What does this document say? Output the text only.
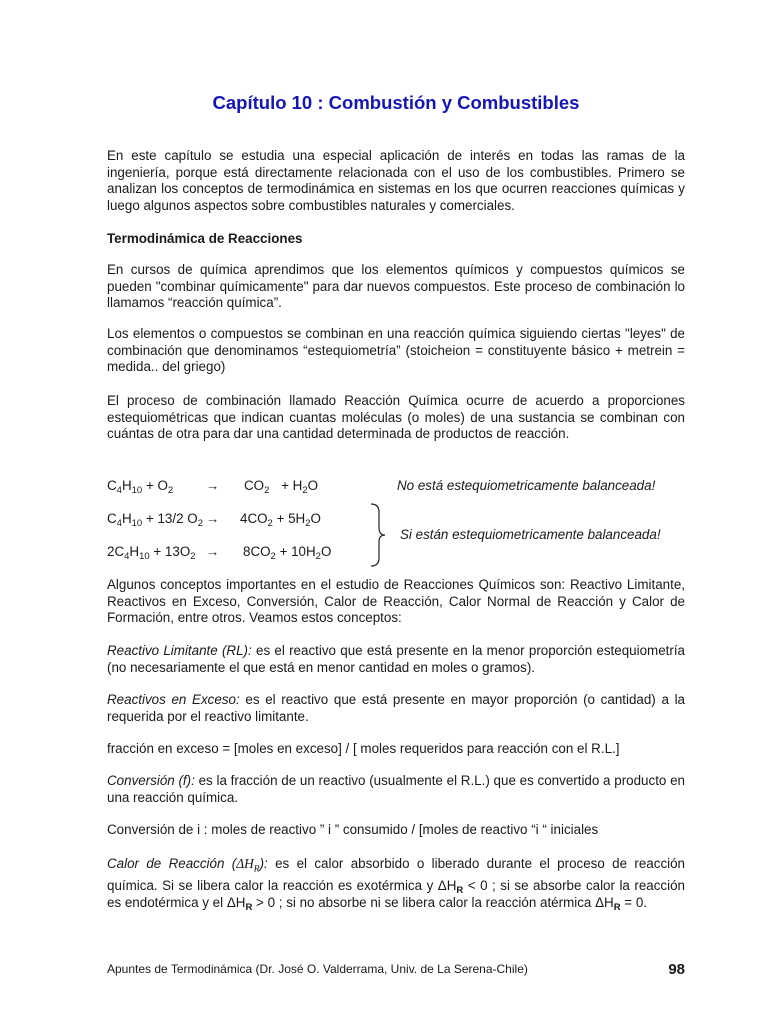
Capítulo 10 : Combustión y Combustibles

En este capítulo se estudia una especial aplicación de interés en todas las ramas de la ingeniería, porque está directamente relacionada con el uso de los combustibles. Primero se analizan los conceptos de termodinámica en sistemas en los que ocurren reacciones químicas y luego algunos aspectos sobre combustibles naturales y comerciales.

Termodinámica de Reacciones

En cursos de química aprendimos que los elementos químicos y compuestos químicos se pueden "combinar químicamente" para dar nuevos compuestos. Este proceso de combinación lo llamamos “reacción química”.

Los elementos o compuestos se combinan en una reacción química siguiendo ciertas "leyes" de combinación que denominamos “estequiometría” (stoicheion = constituyente básico + metrein = medida.. del griego)

El proceso de combinación llamado Reacción Química ocurre de acuerdo a proporciones estequiométricas que indican cuantas moléculas (o moles) de una sustancia se combinan con cuántas de otra para dar una cantidad determinada de productos de reacción.

$C_4H_{10} + O_2 \to CO_2 + H_2O$	No está estequiometricamente balanceada!
$C_4H_{10} + 13/2$ $O_2 \to 4CO_2 + 5H_2O$
$2C_4H_{10} + 13O_2 \to 8CO_2 + 10H_2O$
Si están estequiometricamente balanceada!

Algunos conceptos importantes en el estudio de Reacciones Químicos son: Reactivo Limitante, Reactivos en Exceso, Conversión, Calor de Reacción, Calor Normal de Reacción y Calor de Formación, entre otros. Veamos estos conceptos:

Reactivo Limitante (RL): es el reactivo que está presente en la menor proporción estequiometría (no necesariamente el que está en menor cantidad en moles o gramos).

Reactivos en Exceso: es el reactivo que está presente en mayor proporción (o cantidad) a la requerida por el reactivo limitante.

fracción en exceso = [moles en exceso] / [ moles requeridos para reacción con el R.L.]

Conversión (f): es la fracción de un reactivo (usualmente el R.L.) que es convertido a producto en una reacción química.

Conversión de i : moles de reactivo ” i ” consumido / [moles de reactivo “i “ iniciales

Calor de Reacción $(\Delta H_R)$: es el calor absorbido o liberado durante el proceso de reacción química. Si se libera calor la reacción es exotérmica y $\Delta H_R < 0$ ; si se absorbe calor la reacción es endotérmica y el $\Delta H_R > 0$ ; si no absorbe ni se libera calor la reacción atérmica $\Delta H_R = 0$.

Apuntes de Termodinámica (Dr. José O. Valderrama, Univ. de La Serena-Chile)	98
